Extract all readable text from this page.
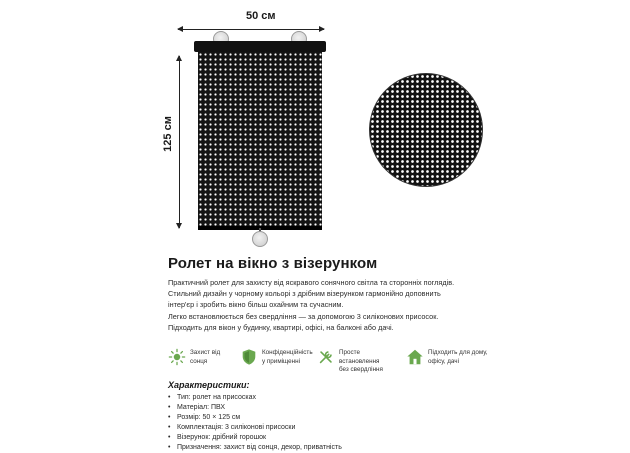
50 см
125 см
Ролет на вікно з візерунком
Практичний ролет для захисту від яскравого сонячного світла та сторонніх поглядів.
Стильний дизайн у чорному кольорі з дрібним візерунком гармонійно доповнить
інтер'єр і зробить вікно більш охайним та сучасним.
Легко встановлюється без свердління — за допомогою 3 силіконових присосок.
Підходить для вікон у будинку, квартирі, офісі, на балконі або дачі.
Захист від
сонця
Конфіденційність
у приміщенні
Просте встановлення
без свердління
Підходить для дому,
офісу, дачі
Характеристики:
• Тип: ролет на присосках
• Матеріал: ПВХ
• Розмір: 50 × 125 см
• Комплектація: 3 силіконові присоски
• Візерунок: дрібний горошок
• Призначення: захист від сонця, декор, приватність
